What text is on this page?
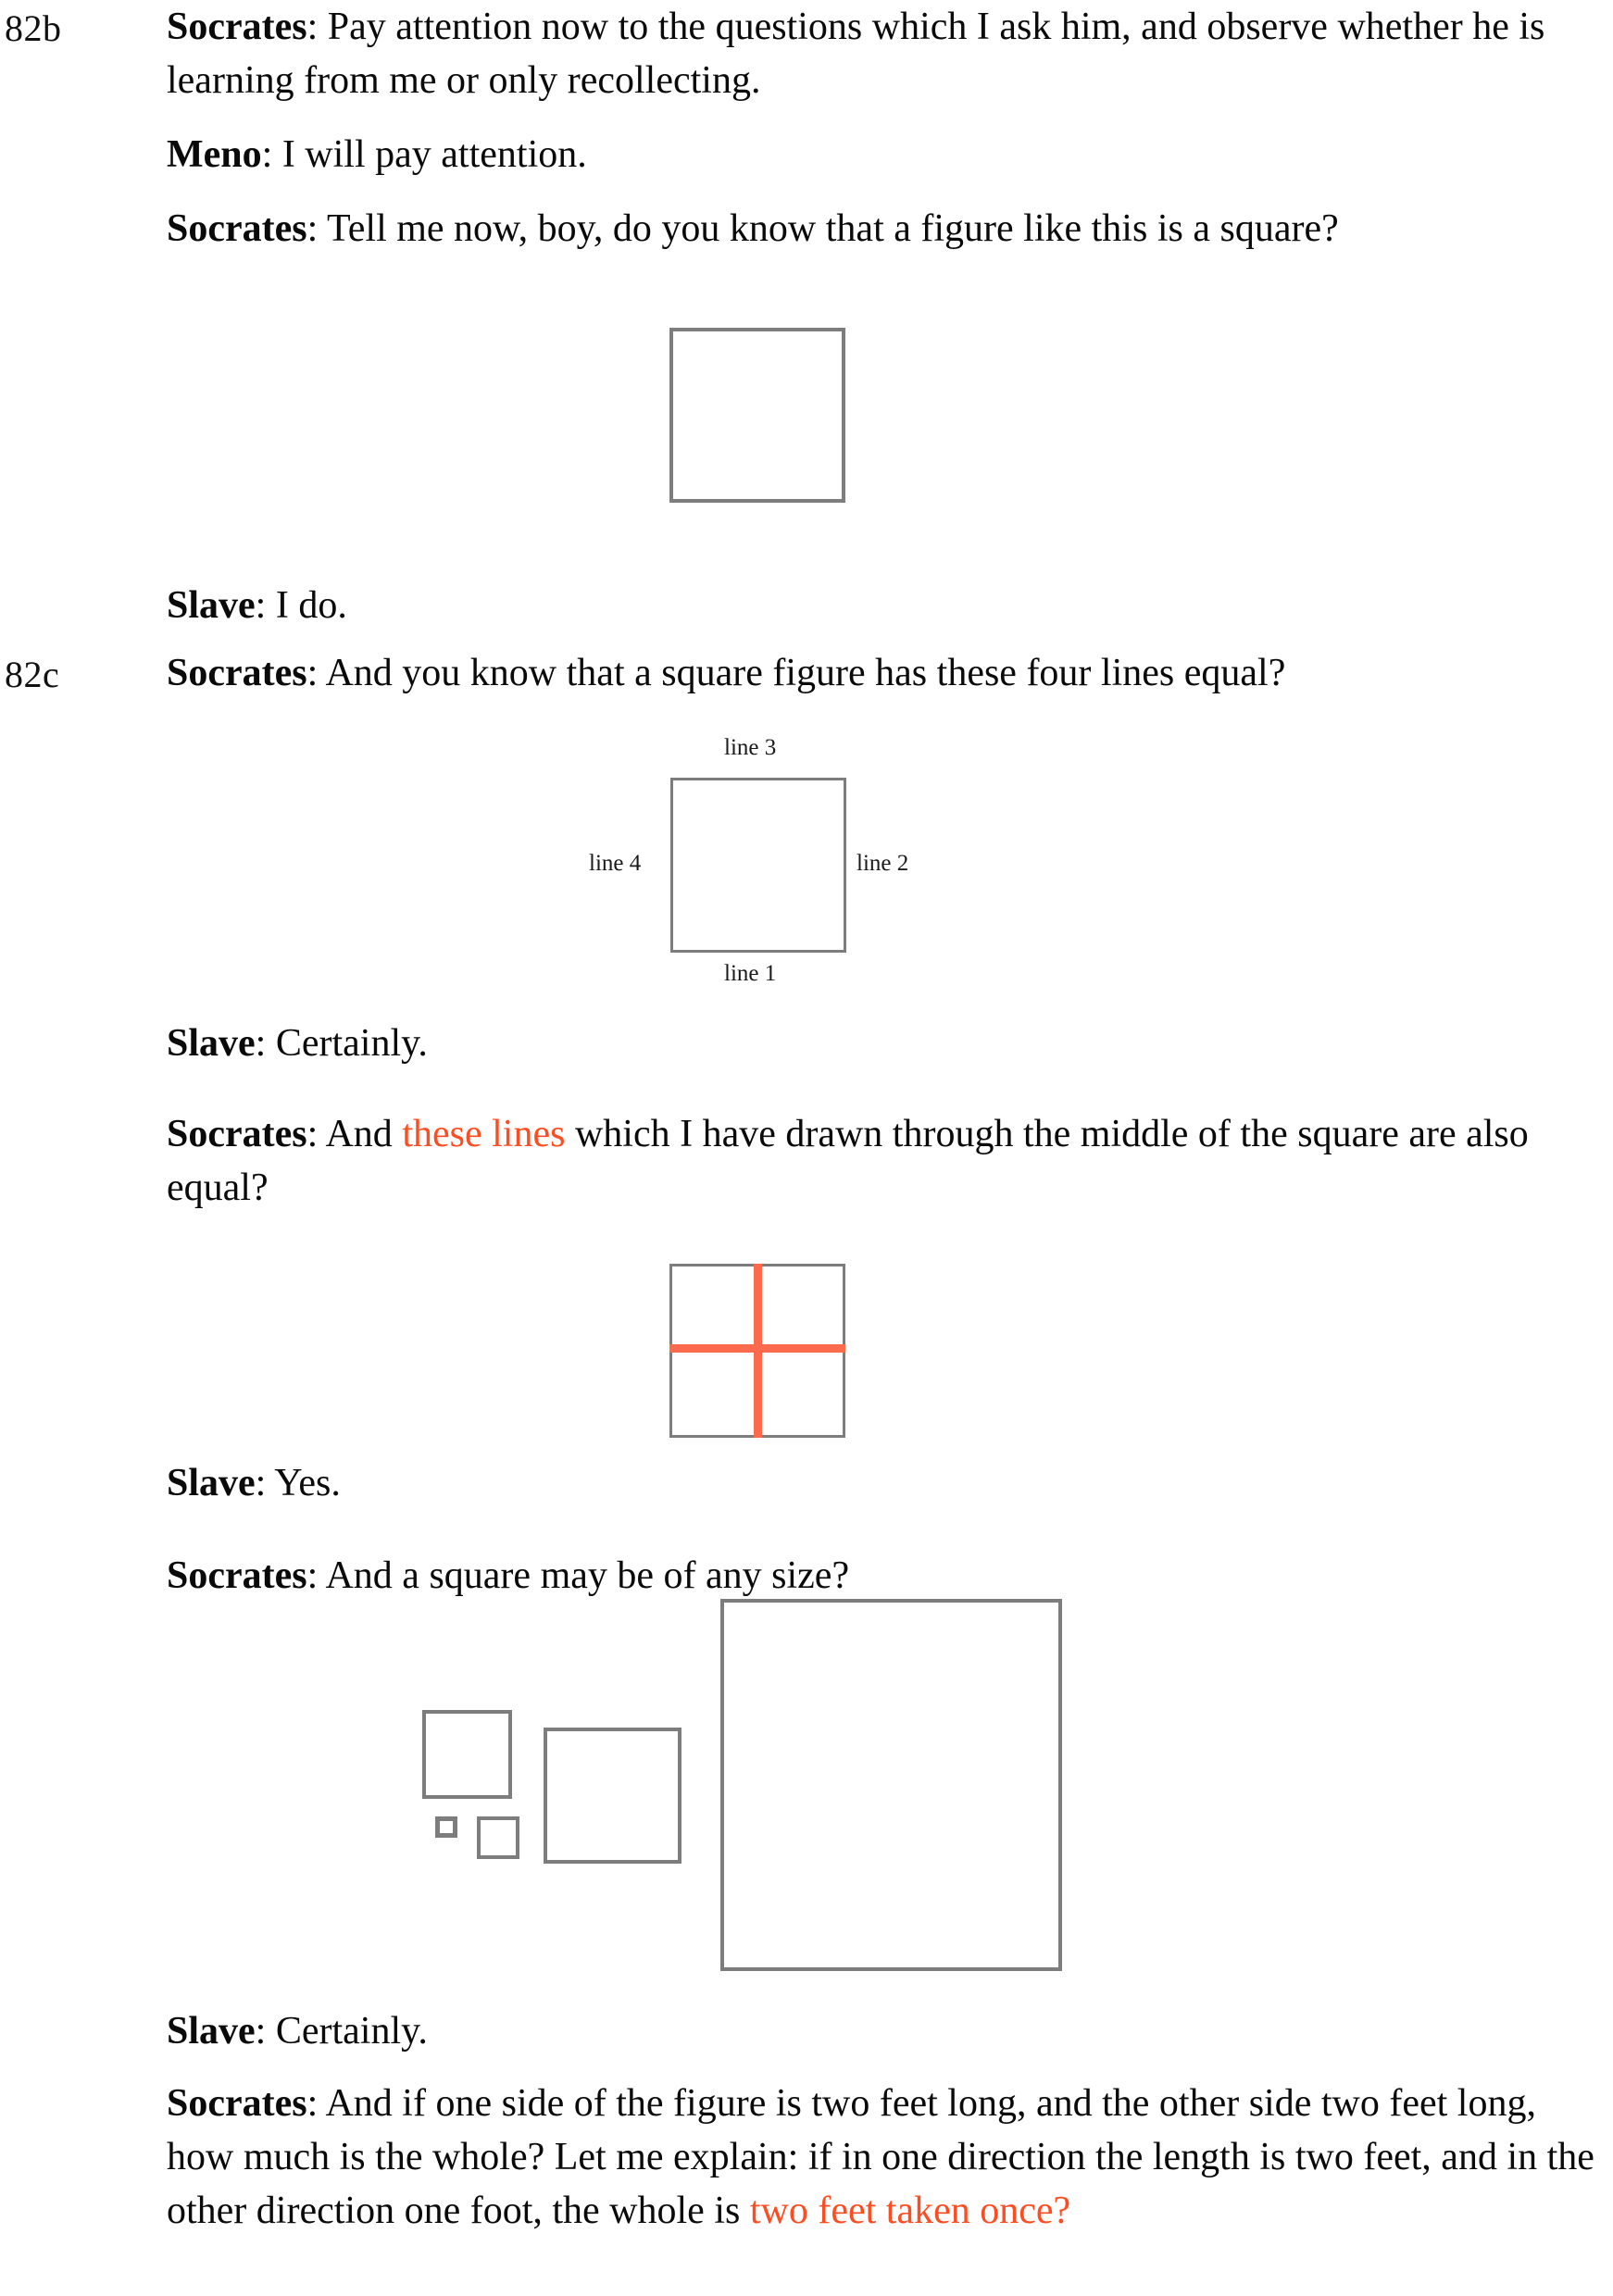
82b	Socrates: Pay attention now to the questions which I ask him, and observe whether he is learning from me or only recollecting.
Meno: I will pay attention.
Socrates: Tell me now, boy, do you know that a figure like this is a square?
Slave: I do.
82c	Socrates: And you know that a square figure has these four lines equal?
line 3
line 2
line 1
line 4
Slave: Certainly.
Socrates: And these lines which I have drawn through the middle of the square are also equal?
Slave: Yes.
Socrates: And a square may be of any size?
Slave: Certainly.
Socrates: And if one side of the figure is two feet long, and the other side two feet long, how much is the whole? Let me explain: if in one direction the length is two feet, and in the other direction one foot, the whole is two feet taken once?
